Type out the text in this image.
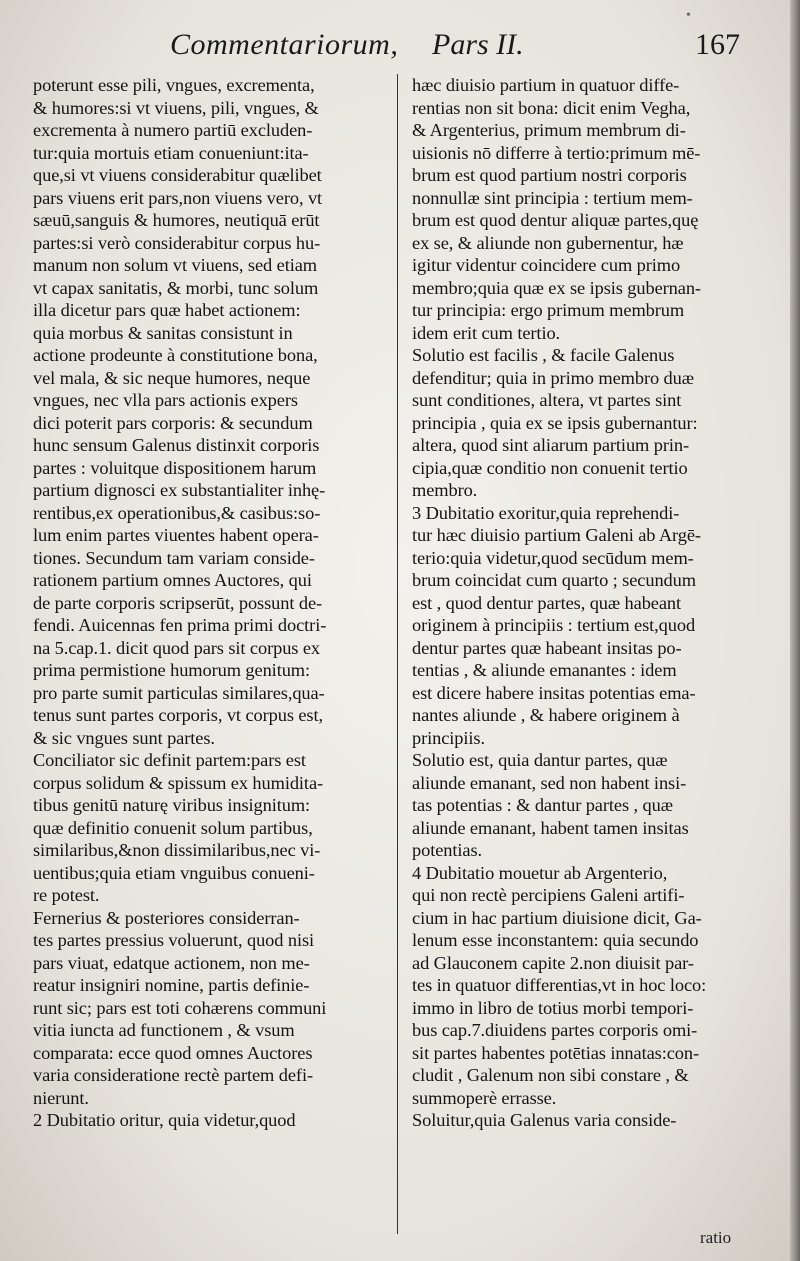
Commentariorum, Pars II.	167
poterunt esse pili, vngues, excrementa,
& humores:si vt viuens, pili, vngues, &
excrementa à numero partiū excluden-
tur:quia mortuis etiam conueniunt:ita-
que,si vt viuens considerabitur quælibet
pars viuens erit pars,non viuens vero, vt
sæuū,sanguis & humores, neutiquā erūt
partes:si verò considerabitur corpus hu-
manum non solum vt viuens, sed etiam
vt capax sanitatis, & morbi, tunc solum
illa dicetur pars quæ habet actionem:
quia morbus & sanitas consistunt in
actione prodeunte à constitutione bona,
vel mala, & sic neque humores, neque
vngues, nec vlla pars actionis expers
dici poterit pars corporis: & secundum
hunc sensum Galenus distinxit corporis
partes : voluitque dispositionem harum
partium dignosci ex substantialiter inhę-
rentibus,ex operationibus,& casibus:so-
lum enim partes viuentes habent opera-
tiones. Secundum tam variam conside-
rationem partium omnes Auctores, qui
de parte corporis scripserūt, possunt de-
fendi. Auicennas fen prima primi doctri-
na 5.cap.1. dicit quod pars sit corpus ex
prima permistione humorum genitum:
pro parte sumit particulas similares,qua-
tenus sunt partes corporis, vt corpus est,
& sic vngues sunt partes.
Conciliator sic definit partem:pars est
corpus solidum & spissum ex humidita-
tibus genitū naturę viribus insignitum:
quæ definitio conuenit solum partibus,
similaribus,&non dissimilaribus,nec vi-
uentibus;quia etiam vnguibus conueni-
re potest.
Fernerius & posteriores considerran-
tes partes pressius voluerunt, quod nisi
pars viuat, edatque actionem, non me-
reatur insigniri nomine, partis definie-
runt sic; pars est toti cohærens communi
vitia iuncta ad functionem , & vsum
comparata: ecce quod omnes Auctores
varia consideratione rectè partem defi-
nierunt.
2 Dubitatio oritur, quia videtur,quod
hæc diuisio partium in quatuor diffe-
rentias non sit bona: dicit enim Vegha,
& Argenterius, primum membrum di-
uisionis nō differre à tertio:primum mē-
brum est quod partium nostri corporis
nonnullæ sint principia : tertium mem-
brum est quod dentur aliquæ partes,quę
ex se, & aliunde non gubernentur, hæ
igitur videntur coincidere cum primo
membro;quia quæ ex se ipsis gubernan-
tur principia: ergo primum membrum
idem erit cum tertio.
Solutio est facilis , & facile Galenus
defenditur; quia in primo membro duæ
sunt conditiones, altera, vt partes sint
principia , quia ex se ipsis gubernantur:
altera, quod sint aliarum partium prin-
cipia,quæ conditio non conuenit tertio
membro.
3 Dubitatio exoritur,quia reprehendi-
tur hæc diuisio partium Galeni ab Argē-
terio:quia videtur,quod secūdum mem-
brum coincidat cum quarto ; secundum
est , quod dentur partes, quæ habeant
originem à principiis : tertium est,quod
dentur partes quæ habeant insitas po-
tentias , & aliunde emanantes : idem
est dicere habere insitas potentias ema-
nantes aliunde , & habere originem à
principiis.
Solutio est, quia dantur partes, quæ
aliunde emanant, sed non habent insi-
tas potentias : & dantur partes , quæ
aliunde emanant, habent tamen insitas
potentias.
4 Dubitatio mouetur ab Argenterio,
qui non rectè percipiens Galeni artifi-
cium in hac partium diuisione dicit, Ga-
lenum esse inconstantem: quia secundo
ad Glauconem capite 2.non diuisit par-
tes in quatuor differentias,vt in hoc loco:
immo in libro de totius morbi tempori-
bus cap.7.diuidens partes corporis omi-
sit partes habentes potētias innatas:con-
cludit , Galenum non sibi constare , &
summoperè errasse.
Soluitur,quia Galenus varia conside-
ratio
•
